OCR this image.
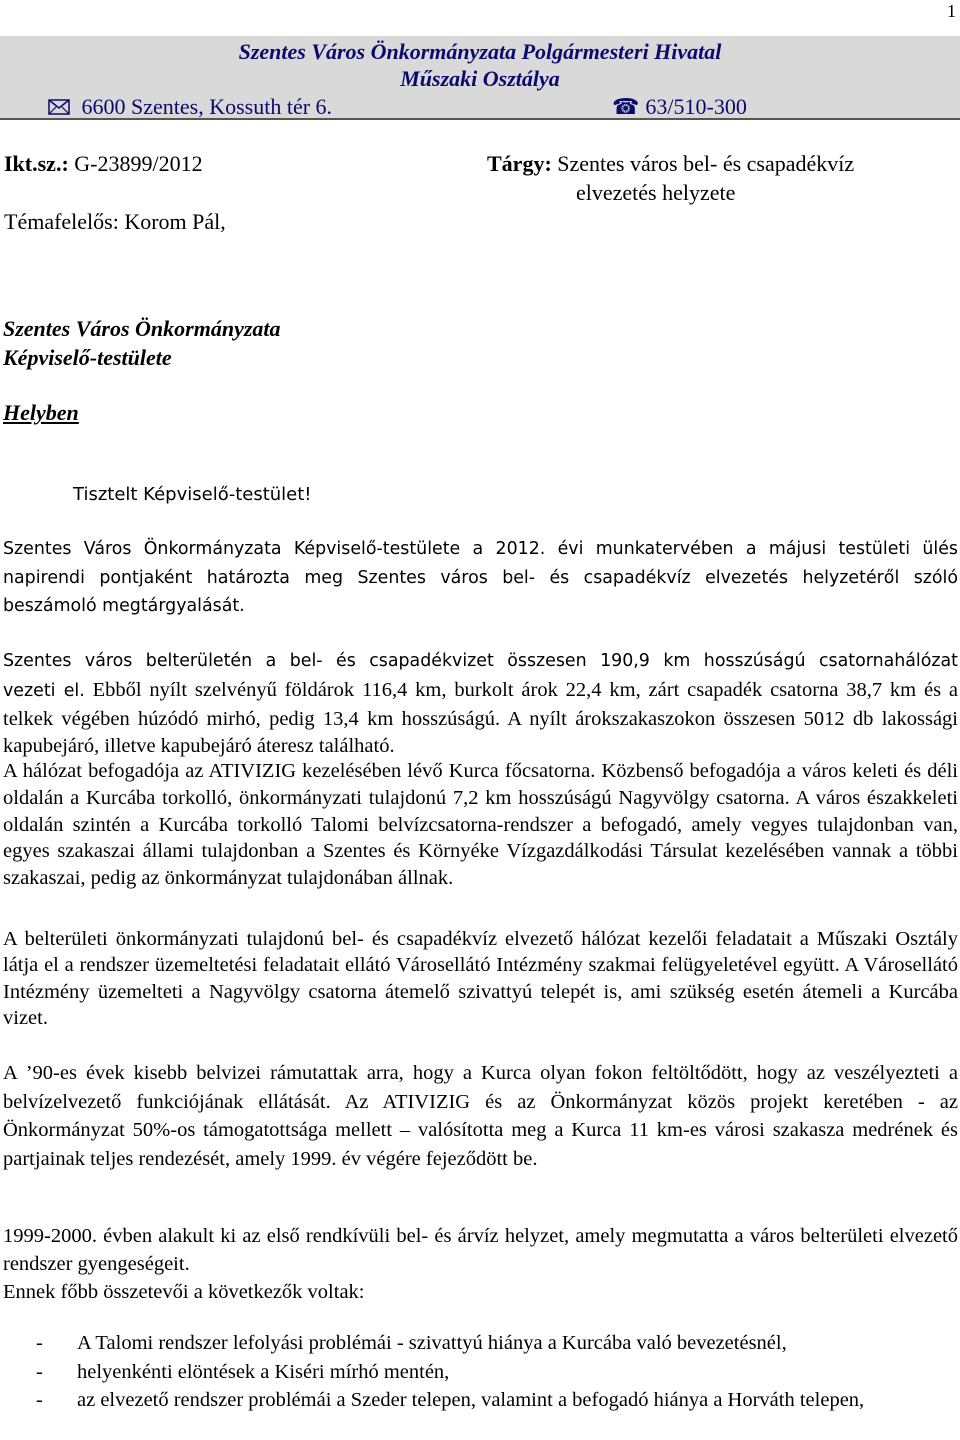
1
Szentes Város Önkormányzata Polgármesteri Hivatal
Műszaki Osztálya
6600 Szentes, Kossuth tér 6.	☎ 63/510-300
Ikt.sz.: G-23899/2012	Tárgy: Szentes város bel- és csapadékvíz
elvezetés helyzete
Témafelelős: Korom Pál,
Szentes Város Önkormányzata
Képviselő-testülete
Helyben
Tisztelt Képviselő-testület!
Szentes Város Önkormányzata Képviselő-testülete a 2012. évi munkatervében a májusi testületi ülés napirendi pontjaként határozta meg Szentes város bel- és csapadékvíz elvezetés helyzetéről szóló beszámoló megtárgyalását.
Szentes város belterületén a bel- és csapadékvizet összesen 190,9 km hosszúságú csatornahálózat
vezeti el. Ebből nyílt szelvényű földárok 116,4 km, burkolt árok 22,4 km, zárt csapadék csatorna 38,7 km és a telkek végében húzódó mirhó, pedig 13,4 km hosszúságú. A nyílt árokszakaszokon összesen 5012 db lakossági kapubejáró, illetve kapubejáró áteresz található.
A hálózat befogadója az ATIVIZIG kezelésében lévő Kurca főcsatorna. Közbenső befogadója a város keleti és déli oldalán a Kurcába torkolló, önkormányzati tulajdonú 7,2 km hosszúságú Nagyvölgy csatorna. A város északkeleti oldalán szintén a Kurcába torkolló Talomi belvízcsatorna-rendszer a befogadó, amely vegyes tulajdonban van, egyes szakaszai állami tulajdonban a Szentes és Környéke Vízgazdálkodási Társulat kezelésében vannak a többi szakaszai, pedig az önkormányzat tulajdonában állnak.
A belterületi önkormányzati tulajdonú bel- és csapadékvíz elvezető hálózat kezelői feladatait a Műszaki Osztály látja el a rendszer üzemeltetési feladatait ellátó Városellátó Intézmény szakmai felügyeletével együtt. A Városellátó Intézmény üzemelteti a Nagyvölgy csatorna átemelő szivattyú telepét is, ami szükség esetén átemeli a Kurcába vizet.
A ’90-es évek kisebb belvizei rámutattak arra, hogy a Kurca olyan fokon feltöltődött, hogy az veszélyezteti a belvízelvezető funkciójának ellátását. Az ATIVIZIG és az Önkormányzat közös projekt keretében - az Önkormányzat 50%-os támogatottsága mellett – valósította meg a Kurca 11 km-es városi szakasza medrének és partjainak teljes rendezését, amely 1999. év végére fejeződött be.
1999-2000. évben alakult ki az első rendkívüli bel- és árvíz helyzet, amely megmutatta a város belterületi elvezető rendszer gyengeségeit.
Ennek főbb összetevői a következők voltak:
- A Talomi rendszer lefolyási problémái - szivattyú hiánya a Kurcába való bevezetésnél,
- helyenkénti elöntések a Kiséri mírhó mentén,
- az elvezető rendszer problémái a Szeder telepen, valamint a befogadó hiánya a Horváth telepen,
